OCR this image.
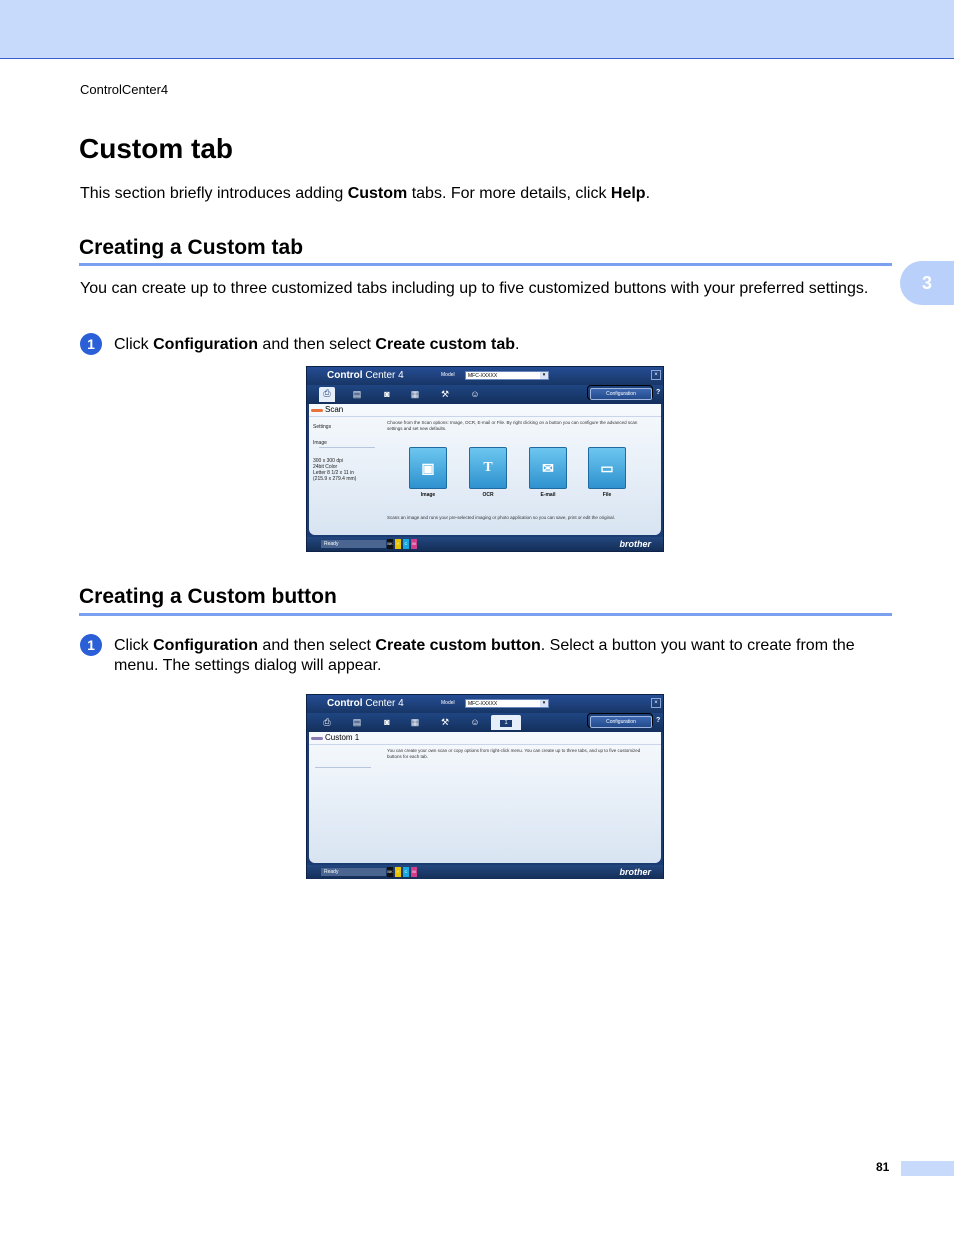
ControlCenter4
3
Custom tab

This section briefly introduces adding Custom tabs. For more details, click Help.

Creating a Custom tab

You can create up to three customized tabs including up to five customized buttons with your preferred settings.

1	Click Configuration and then select Create custom tab.

Control Center 4	Model	MFC-XXXXX	▾	×
⎙	▤	◙	▦	⚒	☺	Configuration	?
Scan
Settings
Image
300 x 300 dpi
24bit Color
Letter 8 1/2 x 11 in
(215.9 x 279.4 mm)
Choose from the Scan options: Image, OCR, E-mail or File. By right clicking on a button you can configure the advanced scan settings and set new defaults.
▣
Image
T
OCR
✉
E-mail
▭
File
Scans an image and runs your pre-selected imaging or photo application so you can save, print or edit the original.
Ready	BK Y	C	M	brother
Creating a Custom button
1	Click Configuration and then select Create custom button. Select a button you want to create from the menu. The settings dialog will appear.

Control Center 4	Model	MFC-XXXXX	▾	×
⎙	▤	◙	▦	⚒	☺	1	Configuration	?
Custom 1
You can create your own scan or copy options from right-click menu. You can create up to three tabs, and up to five customized buttons for each tab.
Ready	BK Y	C	M	brother
81
